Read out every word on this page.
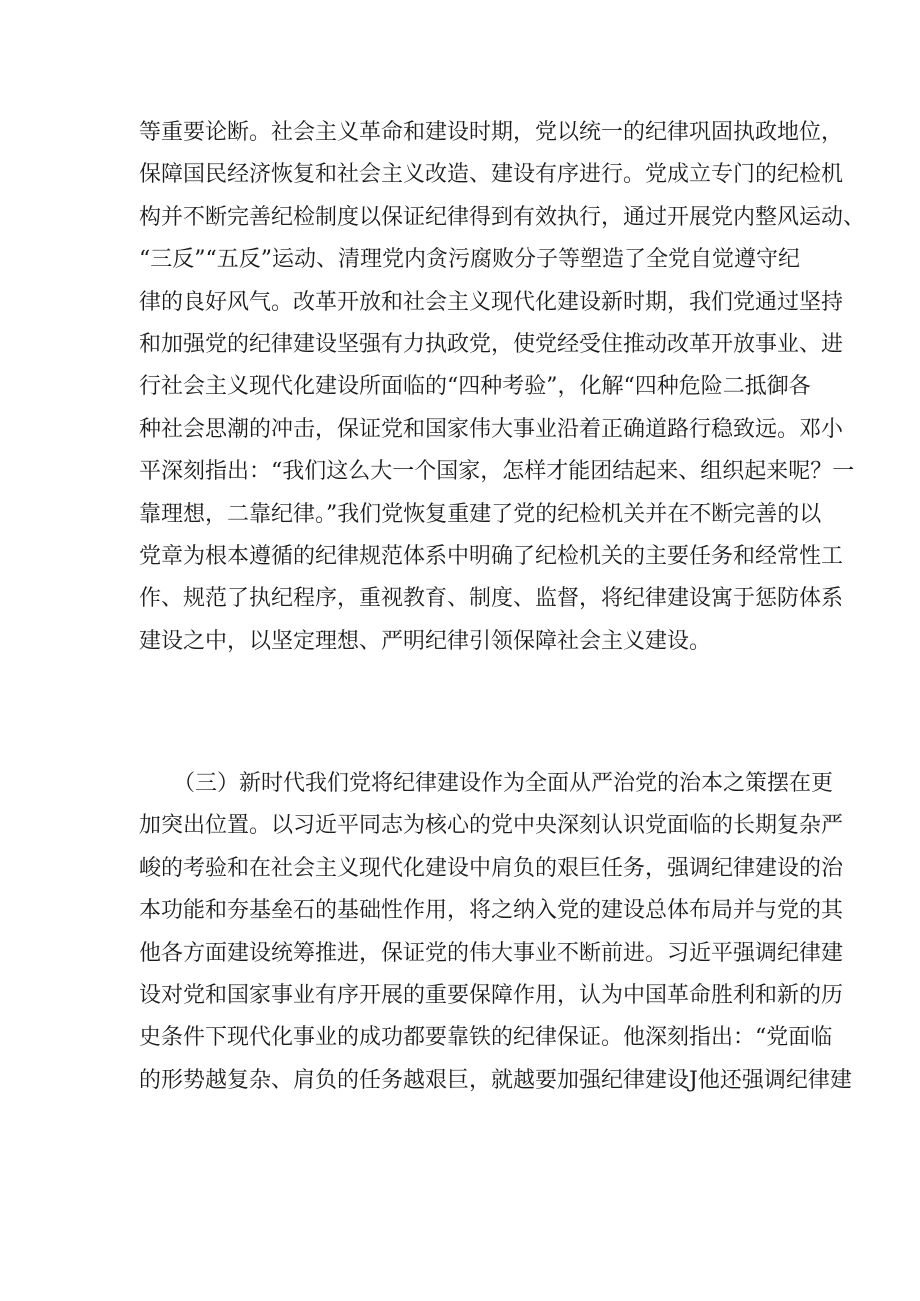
等重要论断。社会主义革命和建设时期，党以统一的纪律巩固执政地位，
保障国民经济恢复和社会主义改造、建设有序进行。党成立专门的纪检机
构并不断完善纪检制度以保证纪律得到有效执行，通过开展党内整风运动、
“三反”“五反”运动、清理党内贪污腐败分子等塑造了全党自觉遵守纪
律的良好风气。改革开放和社会主义现代化建设新时期，我们党通过坚持
和加强党的纪律建设坚强有力执政党，使党经受住推动改革开放事业、进
行社会主义现代化建设所面临的“四种考验”，化解“四种危险二抵御各
种社会思潮的冲击，保证党和国家伟大事业沿着正确道路行稳致远。邓小
平深刻指出：“我们这么大一个国家，怎样才能团结起来、组织起来呢？一
靠理想，二靠纪律。”我们党恢复重建了党的纪检机关并在不断完善的以
党章为根本遵循的纪律规范体系中明确了纪检机关的主要任务和经常性工
作、规范了执纪程序，重视教育、制度、监督，将纪律建设寓于惩防体系
建设之中，以坚定理想、严明纪律引领保障社会主义建设。
（三）新时代我们党将纪律建设作为全面从严治党的治本之策摆在更
加突出位置。以习近平同志为核心的党中央深刻认识党面临的长期复杂严
峻的考验和在社会主义现代化建设中肩负的艰巨任务，强调纪律建设的治
本功能和夯基垒石的基础性作用，将之纳入党的建设总体布局并与党的其
他各方面建设统筹推进，保证党的伟大事业不断前进。习近平强调纪律建
设对党和国家事业有序开展的重要保障作用，认为中国革命胜利和新的历
史条件下现代化事业的成功都要靠铁的纪律保证。他深刻指出：“党面临
的形势越复杂、肩负的任务越艰巨，就越要加强纪律建设J他还强调纪律建
